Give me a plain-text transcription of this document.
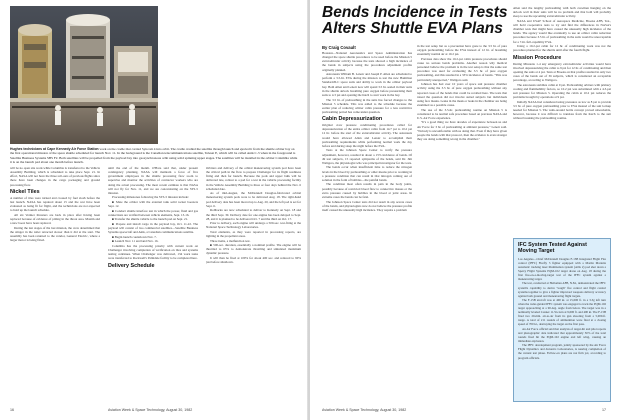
Hughes technicians at Cape Kennedy Air Force Station work on the cradle that carried Syncom 4 into orbit. The cradle cradled the satellite through launch and ejected it from the shuttle orbiter bay on the first operational mission of the space shuttle scheduled for launch Nov. 11. In the background is the Canadian telecommunications satellite, Telesat E, which will be called Anik C-3 when in the foreground is Satellite Business Systems SBS F2. Both satellites will be propelled from the payload bay into geosynchronous orbit using solid spinning upper stages. The satellites will be installed in the orbiter Columbia while it is on the launch pad about one month before launch.

will be no open site work while Columbia is transferred to the Vehicle Assembly Building, which is scheduled to take place Sept. 21. In effect, NASA will not have the three roll-outs of previous flights since there have been changes in the cargo packaging and ground processing flow.

Nickel Tiles

A number of tiles were nicked and crossed by fuel slosh before the last launch. NASA has repaired about 15 and the rest have been evaluated as being fit for flight, and the technicians are not expected to hold up the launch schedule.

All six Vernier thrusters are back in place after having been replaced because of evidence of pitting in the throat area. Maxim and a new boost have been replaced.

During the last stages of the last mission, the crew determined that the stinger in the toilet retracted slower than it did at the start. The assembly has been returned to the vendor, General Electric, where a larger motor is being fitted.

until the end of the month. O'Hara said that, under present contingency planning, NASA will maintain a force of five government employees in the shuttle processing flow room to supervise and monitor the activities of contractor workers who are doing the actual processing. The most recent estimate is that NASA will not fly for Nov. 11, and we are concentrating on the STS-5 mission.

Processing milestones following the STS-5 mission include:

■ Mate the orbiter with the external tank solid rocket boosters Sept. 12.

■ Conduct shuttle interface test in which the power, fluid and gas connections are verified between vehicle elements, Sept. 13-16.

■ Transfer the shuttle vehicle to the launch pad on Sept. 21.

■ Prepare and install cargo in the payload bay, Oct. 11-22. The payload will consist of two commercial satellites—Satellite Business Systems spacecraft and Anik, a Canadian communications satellite.

■ Begin launch countdown Nov. 7.

■ Launch Nov. 11 and land Nov. 16.

Columbia has the processing priority with current work on Challenger involving completion of verification on tiles and systems testing continues. When Challenger was delivered, 134 work tasks were transferred to Rockwell's Palmdale facility to be completed here.

Delivery Schedule

Orbiters and delivery of the orbital maneuvering system pod have been the critical path in the flow to prepare Challenger for its flight readiness firing and then for launch. Because the pods and upper bulk will be delivered late, rollout to a pad for a test in the vehicle processing facility in the Vehicle Assembly Building is three or four days behind the Nov. 6 scheduled date.

As of mid-August, the McDonnell Douglas-fabricated orbital maneuvering system pods were to be delivered Aug. 18. The right-hand pod delivery date has been moved up to Aug. 20, and the left pod is set for Sept. 6.

Rollbacks are now scheduled to deliver to Kennedy on Sept. 18 and the third Sept. 30. Delivery date for one engine has been delayed to Sept. 28, and it is planned to be delivered Oct. 7 and the third on Oct. 17.

Prior to delivery, each engine will undergo a 500-sec. test-firing at the National Space Technology Laboratories.

Total elements, as they were reported in processing reports, are lighting in the propellant areas.

Three items, a malfunction test.

■ 500-sec. duration, essentially a nominal profile. The engine will be throttled to 65% to demonstrate throttling and simulated maximum dynamic pressure.

It will then be fired at 109% for about 400 sec. and reduced to 90% just before shutdown.

16	Aviation Week & Space Technology, August 30, 1982
Bends Incidence in Tests Alters Shuttle EVA Plans
By Craig Covault

Houston—National Aeronautics and Space Administration has changed the space shuttle procedures to be used before the Mission 5 extravehicular activity because the tests showed a high incidence of the bends in subjects using the procedures adjustment profile originally planned.

Astronauts William B. Lenoir and Joseph P. Allen are scheduled to perform a 3.5-hr. EVA during the mission to test the new Hamilton Standard/ILC space suits and ability to work in the orbiter payload bay. Both Allen and Lenoir now will spend 3.5 hr. sealed in their suits in the shuttle airlock breathing pure oxygen before pressurizing their suits to 4.3 psi and opening the hatch to start work in the bay.

The 3.5 hr. of prebreathing in the suits has forced changes to the Mission 5 schedule. This was added to the schedule because the earlier plan of reducing orbiter cabin pressure for a less restrictive prebreathing period has come under question.

Cabin Depressurization

Original crew pressure conditioning procedures called for depressurization of the entire orbiter cabin from 14.7 psi to 10.2 psi 12 hr. before the start of the extravehicular activity. The astronauts would have allowed Allen and Lenoir to accomplish their prebreathing requirements while performing normal work the day before and during sleep the night before the EVA.

Tests at the Johnson Space Center to verify the pressure adjustment, however, resulted in about a 15% incidence of bends. Of 49 test subjects, 15 reported symptoms of the bends, said Dr. Jim Waligora, the physiologist who was principal investigator for the tests.

The bends occur when insufficient time to reduce the nitrogen levels in the blood by prebreathing or other means prior to working in a pressure condition that can result in that nitrogen coming out of solution in the form of bubbles—the painful bends.

The condition most often results in pain in the body joints, possibly because of restricted blood flow to connective tissues or the extra pressure caused by bubbles in the blood at joint areas. In extreme cases the bends can be fatal.

The Johnson Space Center tests did not result in any severe cases of the bends, and physiologists now do not believe the pressure profile itself caused the unusually high incidence. They require a problem

in the test setup but as a precaution have gone to the 3.5 hr. of pure oxygen prebreathing before the EVA instead of 12 hr. of breathing essentially normal air at 10.2 psi.

Previous data show the 10.2-psi cabin pressure procedures should cause no serious bends problems. Another reason why medical personnel believe the problem is in the test setup is that the same test procedure was used for evaluating the 3.5 hr. of pure oxygen prebreathing, and this resulted in a 33% incidence of bends. "This was particularly unexpected," Waligora said.

Johnson has had over 10 years of space suit pressure chamber activity using the 3.5 hr. of pure oxygen prebreathing without any reported cases of the bends that could be recalled here. The tests that raised the question did not involve suited subjects but individuals using face masks. Leaks in the mask or leaks in the chamber are being examined as a possible cause.

The use of the 3.5-hr. prebreathing routine on Mission 5 is considered to be normal safe procedure based on previous NASA and U.S. Air Force experience.

"It's a good thing we have decades of experience between us and Air Force for 3 hr. of prebreathing at ambient pressure," Lenoir said. "Nobody is uncomfortable with us doing that. Even if they have given people the bends with that protocol, then the evidence is even stronger they are doing something wrong in the chamber."

Allen said the lengthy prebreathing with both crewmen hanging on the airlock wall in their suits will be no problem and that both will probably sleep to use the upcoming extravehicular activity.

NASA and USAF School of Aerospace Medicine, Brooks AFB, Tex., will hold cooperative tests to try and find the differences in NASA's chamber tests that might have caused the unusually high incidence of the bends. The agency would like eventually to use an orbiter cabin reduction procedure because 3.5 hr. of prebreathing in the suits would be unacceptable for a 7-hr. full-capability EVA.

Using a 10.2-psi cabin for 12 hr. of conditioning work was not the procedure planned for the shuttle until after the fourth flight.

Mission Procedure

During Missions 1-4 any emergency extravehicular activities would have involved depressurizing the cabin to 9 psi for 12 hr. of conditioning and then opening the suits at 4 psi. Tests at Brooks on that profile resulted in only two cases of the bends out of 36 subjects, which is considered an acceptable percentage, according to Waligora.

The astronauts stabilize cabin at 9 psi. Prebreathing orbiters with primary cooling and flammability factors, so 10.2 psi was substituted with a 4.3-psi suit pressure for Mission 5. Operating the cabin at 10.2 psi reduces the problems brought by operations at 9 psi.

Initially NASA had considered using pressures as low as 8 psi to provide 3.5 hr. of pure oxygen prebreathing prior to EVA instead of the suit lockup needed for Mission 5. The walk-around bottle concept proved unworkable, however, because it was difficult to translate from the hatch to the suit without breaking the prebreathing routine.

IFC System Tested Against Moving Target

Los Angeles—Chief McDonnell Douglas F-15B Integrated Flight Fire control (IFFC) Firefly 3 fighter equipped with a Martin Marietta automatic tracking laser illumination system (Atlis 2) pod shot down a Sperry Flight Systems PQM-102 target drone on Aug. 18 during the first fire-on-a-moving-target test of the IFFC system against a maneuvering target.

The test, conducted at Holloman AFB, N.M., demonstrated the IFFC system's capability to derive "tough" fire control and flight control systems together to give a fighter improved weapons delivery accuracy against both ground and maneuvering flight targets.

The F-15B aircraft was at 400 kt. at 15,000 ft. in a 3.3g left turn when the radar-guided IFFC system was engaged to track the PQM-102 target approaching at a 90-deg. angle from below. The target was in a nominally leveled Conner 11.5G turn at 9,000 ft. and 400 kt. The F-15B fired two 20-mm. air-to-air from its gun shooting from a 5,000-ft. range. A total of 211 rounds of ammunition were fired at a closing speed of 700 kt., destroying the target on the first pass.

An Air Force official said that analysis of target-hit and pilot reports and photographic data indicated that approximately 50% of the total rounds fired hit the PQM-102 engine and left wing, causing an immediate explosion.

The IFFC development program, jointly sponsored by the Air Force Flight Dynamics and Avionics Laboratories, is nearing completion of the current test phase. Follow-on plans are not firm yet, according to program officials.

Aviation Week & Space Technology, August 30, 1982	17
